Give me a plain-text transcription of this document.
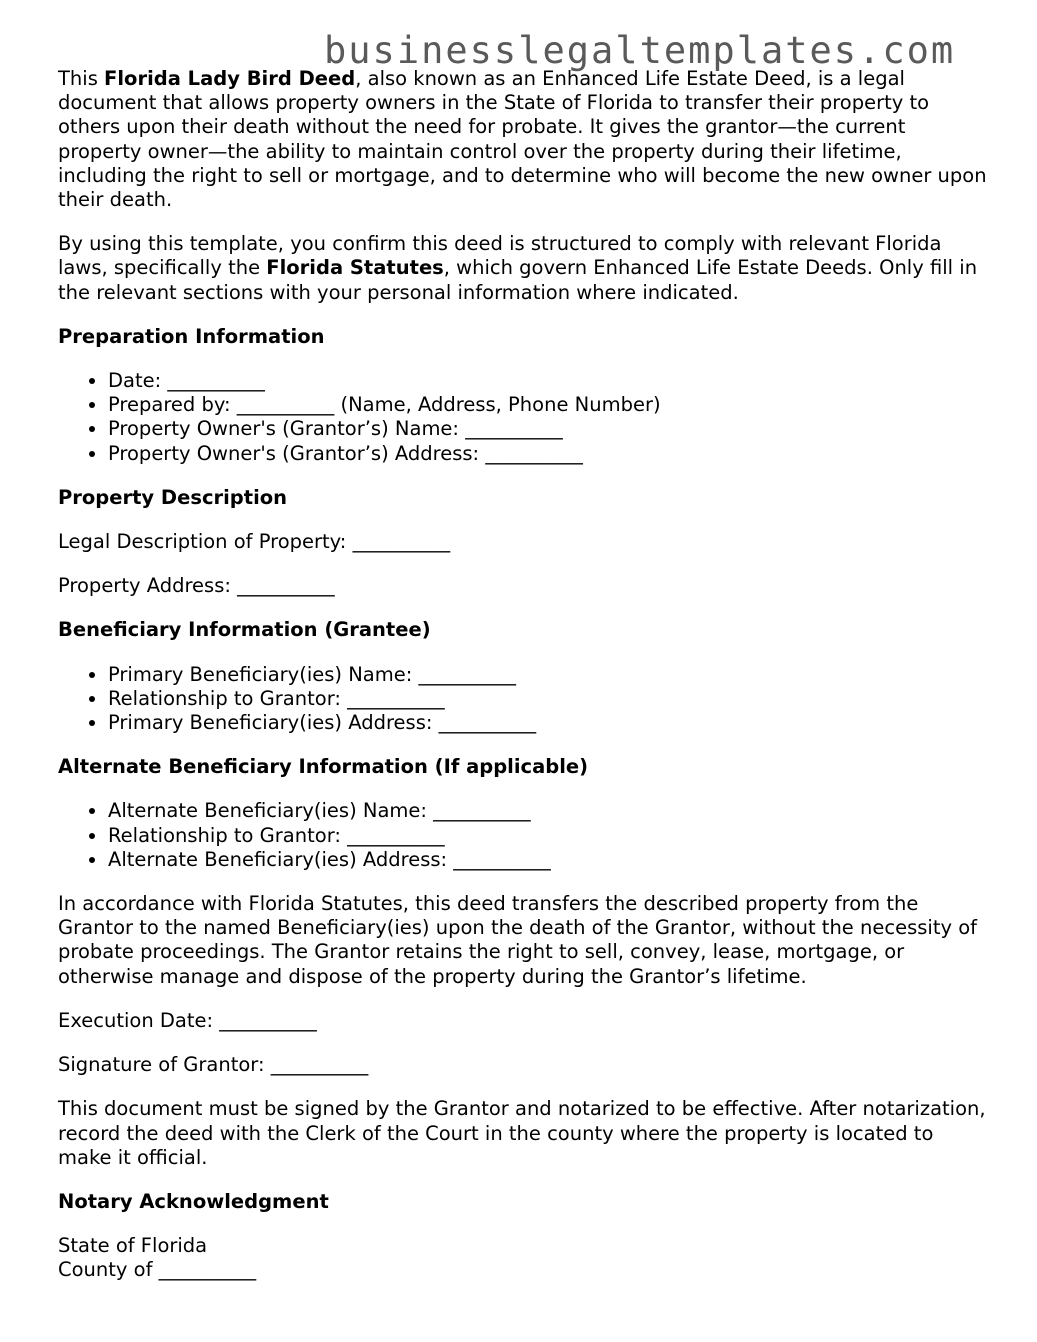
businesslegaltemplates.com

This Florida Lady Bird Deed, also known as an Enhanced Life Estate Deed, is a legal document that allows property owners in the State of Florida to transfer their property to others upon their death without the need for probate. It gives the grantor—the current property owner—the ability to maintain control over the property during their lifetime, including the right to sell or mortgage, and to determine who will become the new owner upon their death.

By using this template, you confirm this deed is structured to comply with relevant Florida laws, specifically the Florida Statutes, which govern Enhanced Life Estate Deeds. Only fill in the relevant sections with your personal information where indicated.

Preparation Information
• Date: __________
• Prepared by: __________ (Name, Address, Phone Number)
• Property Owner's (Grantor’s) Name: __________
• Property Owner's (Grantor’s) Address: __________
Property Description

Legal Description of Property: __________

Property Address: __________

Beneficiary Information (Grantee)
• Primary Beneficiary(ies) Name: __________
• Relationship to Grantor: __________
• Primary Beneficiary(ies) Address: __________
Alternate Beneficiary Information (If applicable)
• Alternate Beneficiary(ies) Name: __________
• Relationship to Grantor: __________
• Alternate Beneficiary(ies) Address: __________

In accordance with Florida Statutes, this deed transfers the described property from the Grantor to the named Beneficiary(ies) upon the death of the Grantor, without the necessity of probate proceedings. The Grantor retains the right to sell, convey, lease, mortgage, or otherwise manage and dispose of the property during the Grantor’s lifetime.

Execution Date: __________

Signature of Grantor: __________

This document must be signed by the Grantor and notarized to be effective. After notarization, record the deed with the Clerk of the Court in the county where the property is located to make it official.

Notary Acknowledgment

State of Florida

County of __________
